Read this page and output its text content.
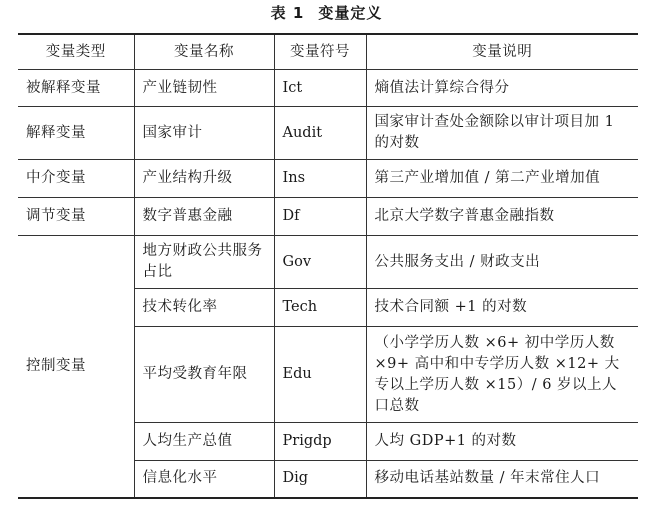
表 1 变量定义
变量类型	变量名称	变量符号	变量说明
被解释变量	产业链韧性	Ict	熵值法计算综合得分
解释变量	国家审计	Audit	国家审计查处金额除以审计项目加 1 的对数
中介变量	产业结构升级	Ins	第三产业增加值 / 第二产业增加值
调节变量	数字普惠金融	Df	北京大学数字普惠金融指数
控制变量	地方财政公共服务占比	Gov	公共服务支出 / 财政支出
	技术转化率	Tech	技术合同额 +1 的对数
	平均受教育年限	Edu	（小学学历人数 ×6+ 初中学历人数 ×9+ 高中和中专学历人数 ×12+ 大专以上学历人数 ×15）/ 6 岁以上人口总数
	人均生产总值	Prigdp	人均 GDP+1 的对数
	信息化水平	Dig	移动电话基站数量 / 年末常住人口
